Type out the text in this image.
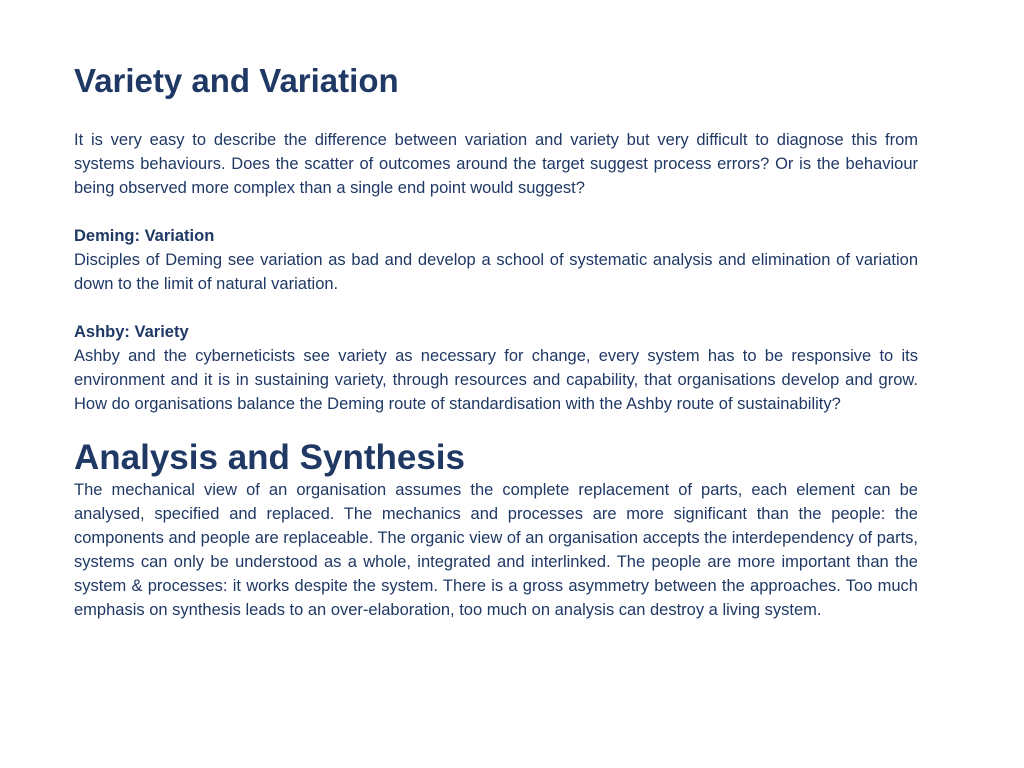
Variety and Variation

It is very easy to describe the difference between variation and variety but very difficult to diagnose this from systems behaviours. Does the scatter of outcomes around the target suggest process errors? Or is the behaviour being observed more complex than a single end point would suggest?

Deming: Variation

Disciples of Deming see variation as bad and develop a school of systematic analysis and elimination of variation down to the limit of natural variation.

Ashby: Variety

Ashby and the cyberneticists see variety as necessary for change, every system has to be responsive to its environment and it is in sustaining variety, through resources and capability, that organisations develop and grow. How do organisations balance the Deming route of standardisation with the Ashby route of sustainability?

Analysis and Synthesis

The mechanical view of an organisation assumes the complete replacement of parts, each element can be analysed, specified and replaced. The mechanics and processes are more significant than the people: the components and people are replaceable. The organic view of an organisation accepts the interdependency of parts, systems can only be understood as a whole, integrated and interlinked. The people are more important than the system & processes: it works despite the system. There is a gross asymmetry between the approaches. Too much emphasis on synthesis leads to an over-elaboration, too much on analysis can destroy a living system.
